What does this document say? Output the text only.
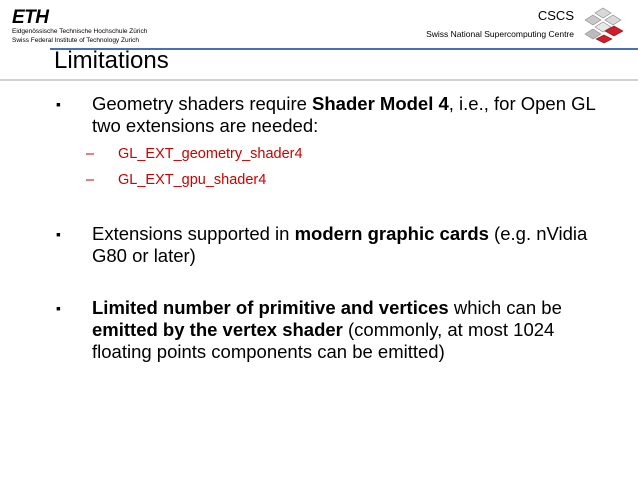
ETH
Eidgenössische Technische Hochschule Zürich
Swiss Federal Institute of Technology Zurich
CSCS
Swiss National Supercomputing Centre
Limitations
▪	Geometry shaders require Shader Model 4, i.e., for Open GL two extensions are needed:
–	GL_EXT_geometry_shader4
–	GL_EXT_gpu_shader4
▪	Extensions supported in modern graphic cards (e.g. nVidia G80 or later)
▪	Limited number of primitive and vertices which can be emitted by the vertex shader (commonly, at most 1024 floating points components can be emitted)
